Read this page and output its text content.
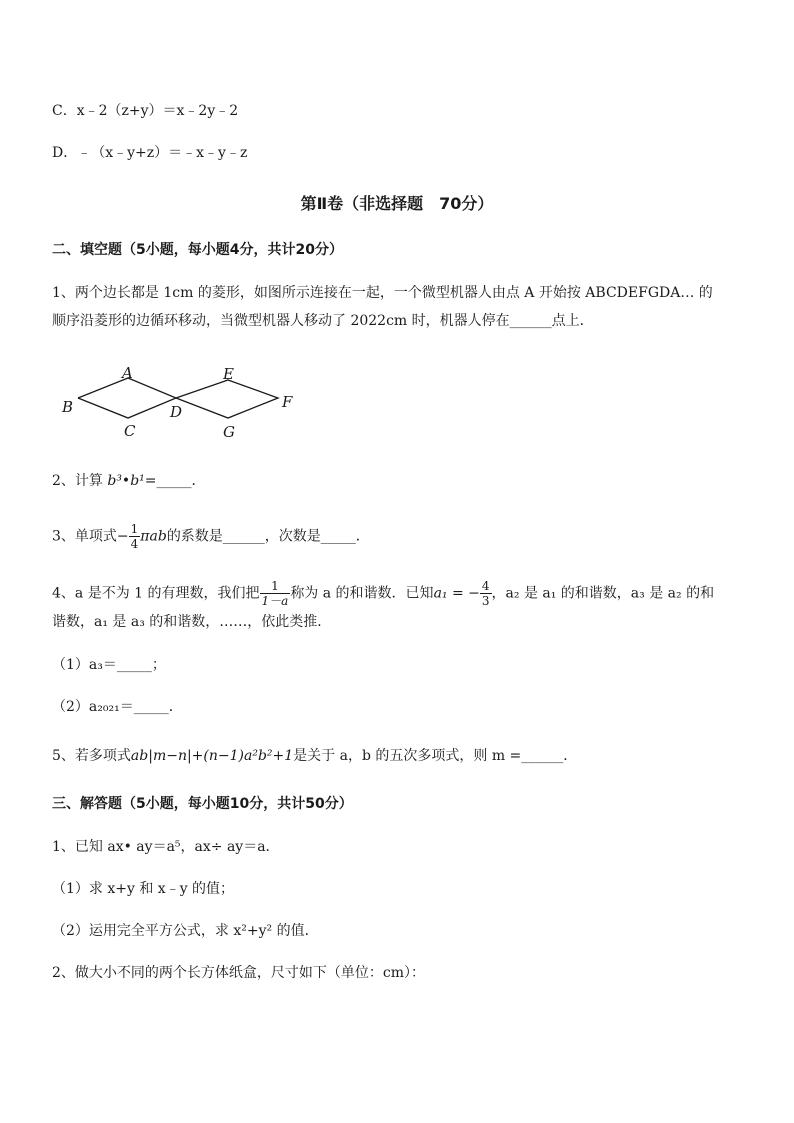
C．x﹣2（z+y）＝x﹣2y﹣2
D．﹣（x﹣y+z）＝﹣x﹣y﹣z
第Ⅱ卷（非选择题　70分）
二、填空题（5小题，每小题4分，共计20分）
1、两个边长都是 1cm 的菱形，如图所示连接在一起，一个微型机器人由点 A 开始按 ABCDEFGDA… 的
顺序沿菱形的边循环移动，当微型机器人移动了 2022cm 时，机器人停在______点上．
A
B
C
D
E
F
G
2、计算 b³•b¹=_____．
3、单项式− $\frac{1}{4}$ πab的系数是______，次数是_____．
4、a 是不为 1 的有理数，我们把 $\frac{1}{1-a}$ 称为 a 的和谐数．已知a₁ = − $\frac{4}{3}$ ，a₂ 是 a₁ 的和谐数，a₃ 是 a₂ 的和
谐数，a₁ 是 a₃ 的和谐数，……，依此类推．
（1）a₃＝_____；
（2）a₂₀₂₁＝_____．
5、若多项式ab|m−n|+(n−1)a²b²+1是关于 a，b 的五次多项式，则 m =______．
三、解答题（5小题，每小题10分，共计50分）
1、已知 ax• ay＝a⁵，ax÷ ay＝a．
（1）求 x+y 和 x﹣y 的值；
（2）运用完全平方公式，求 x²+y² 的值．
2、做大小不同的两个长方体纸盒，尺寸如下（单位：cm）：
